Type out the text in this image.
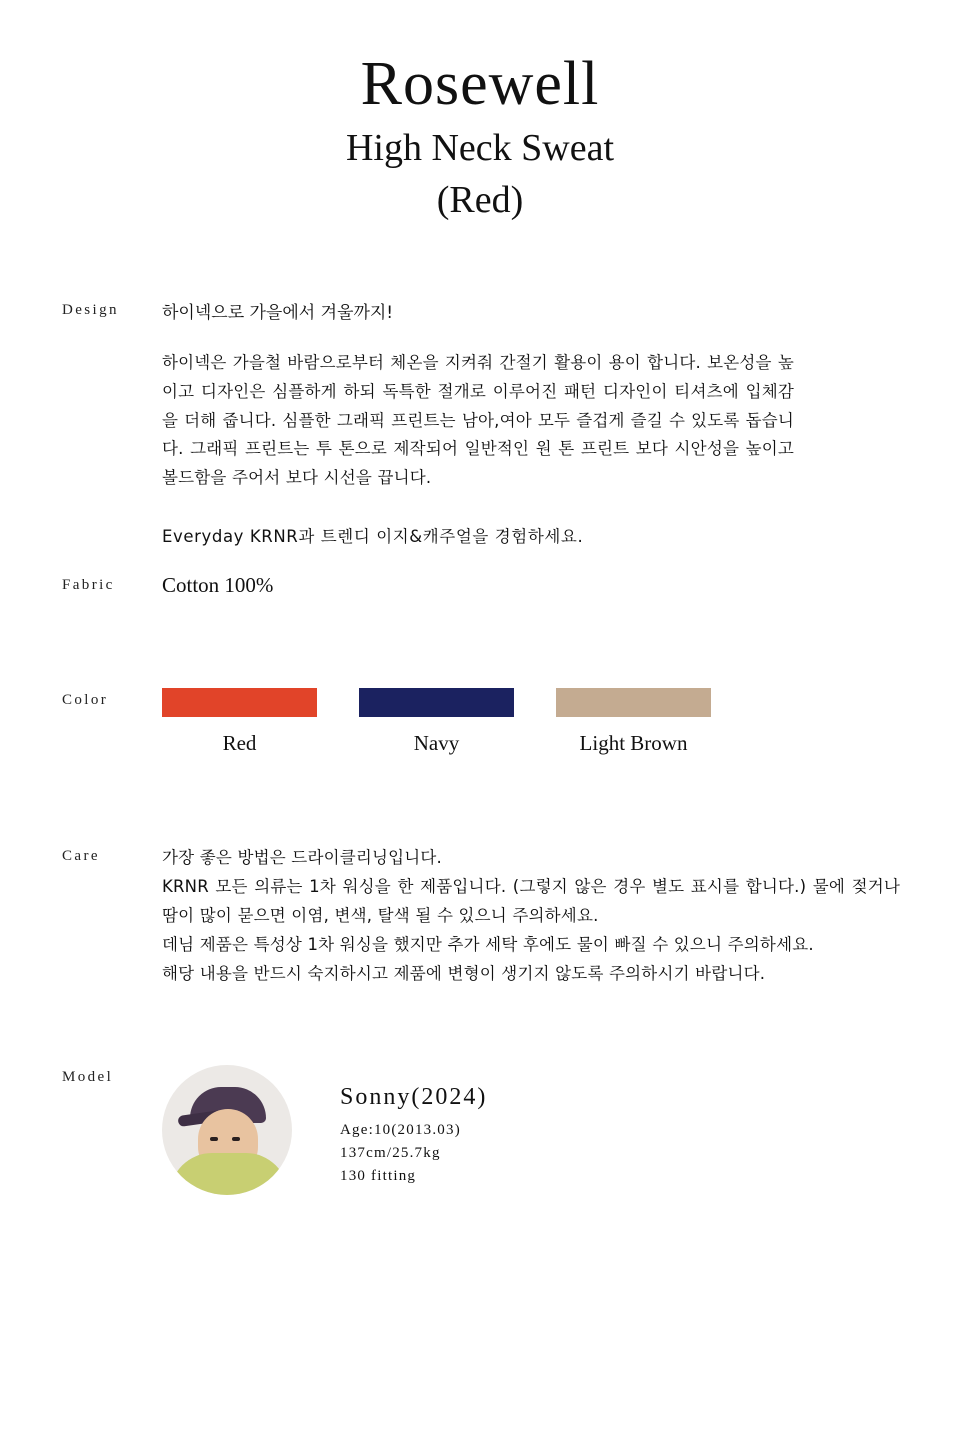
Rosewell
High Neck Sweat
(Red)
Design	하이넥으로 가을에서 겨울까지!
하이넥은 가을철 바람으로부터 체온을 지켜줘 간절기 활용이 용이 합니다. 보온성을 높이고 디자인은 심플하게 하되 독특한 절개로 이루어진 패턴 디자인이 티셔츠에 입체감을 더해 줍니다. 심플한 그래픽 프린트는 남아,여아 모두 즐겁게 즐길 수 있도록 돕습니다. 그래픽 프린트는 투 톤으로 제작되어 일반적인 원 톤 프린트 보다 시안성을 높이고 볼드함을 주어서 보다 시선을 끕니다.
Everyday KRNR과 트렌디 이지&캐주얼을 경험하세요.
Fabric	Cotton 100%
Color
Red	Navy	Light Brown
Care	가장 좋은 방법은 드라이클리닝입니다.
KRNR 모든 의류는 1차 워싱을 한 제품입니다. (그렇지 않은 경우 별도 표시를 합니다.) 물에 젖거나 땀이 많이 묻으면 이염, 변색, 탈색 될 수 있으니 주의하세요.
데님 제품은 특성상 1차 워싱을 했지만 추가 세탁 후에도 물이 빠질 수 있으니 주의하세요.
해당 내용을 반드시 숙지하시고 제품에 변형이 생기지 않도록 주의하시기 바랍니다.
Model
Sonny(2024)
Age:10(2013.03)
137cm/25.7kg
130 fitting
